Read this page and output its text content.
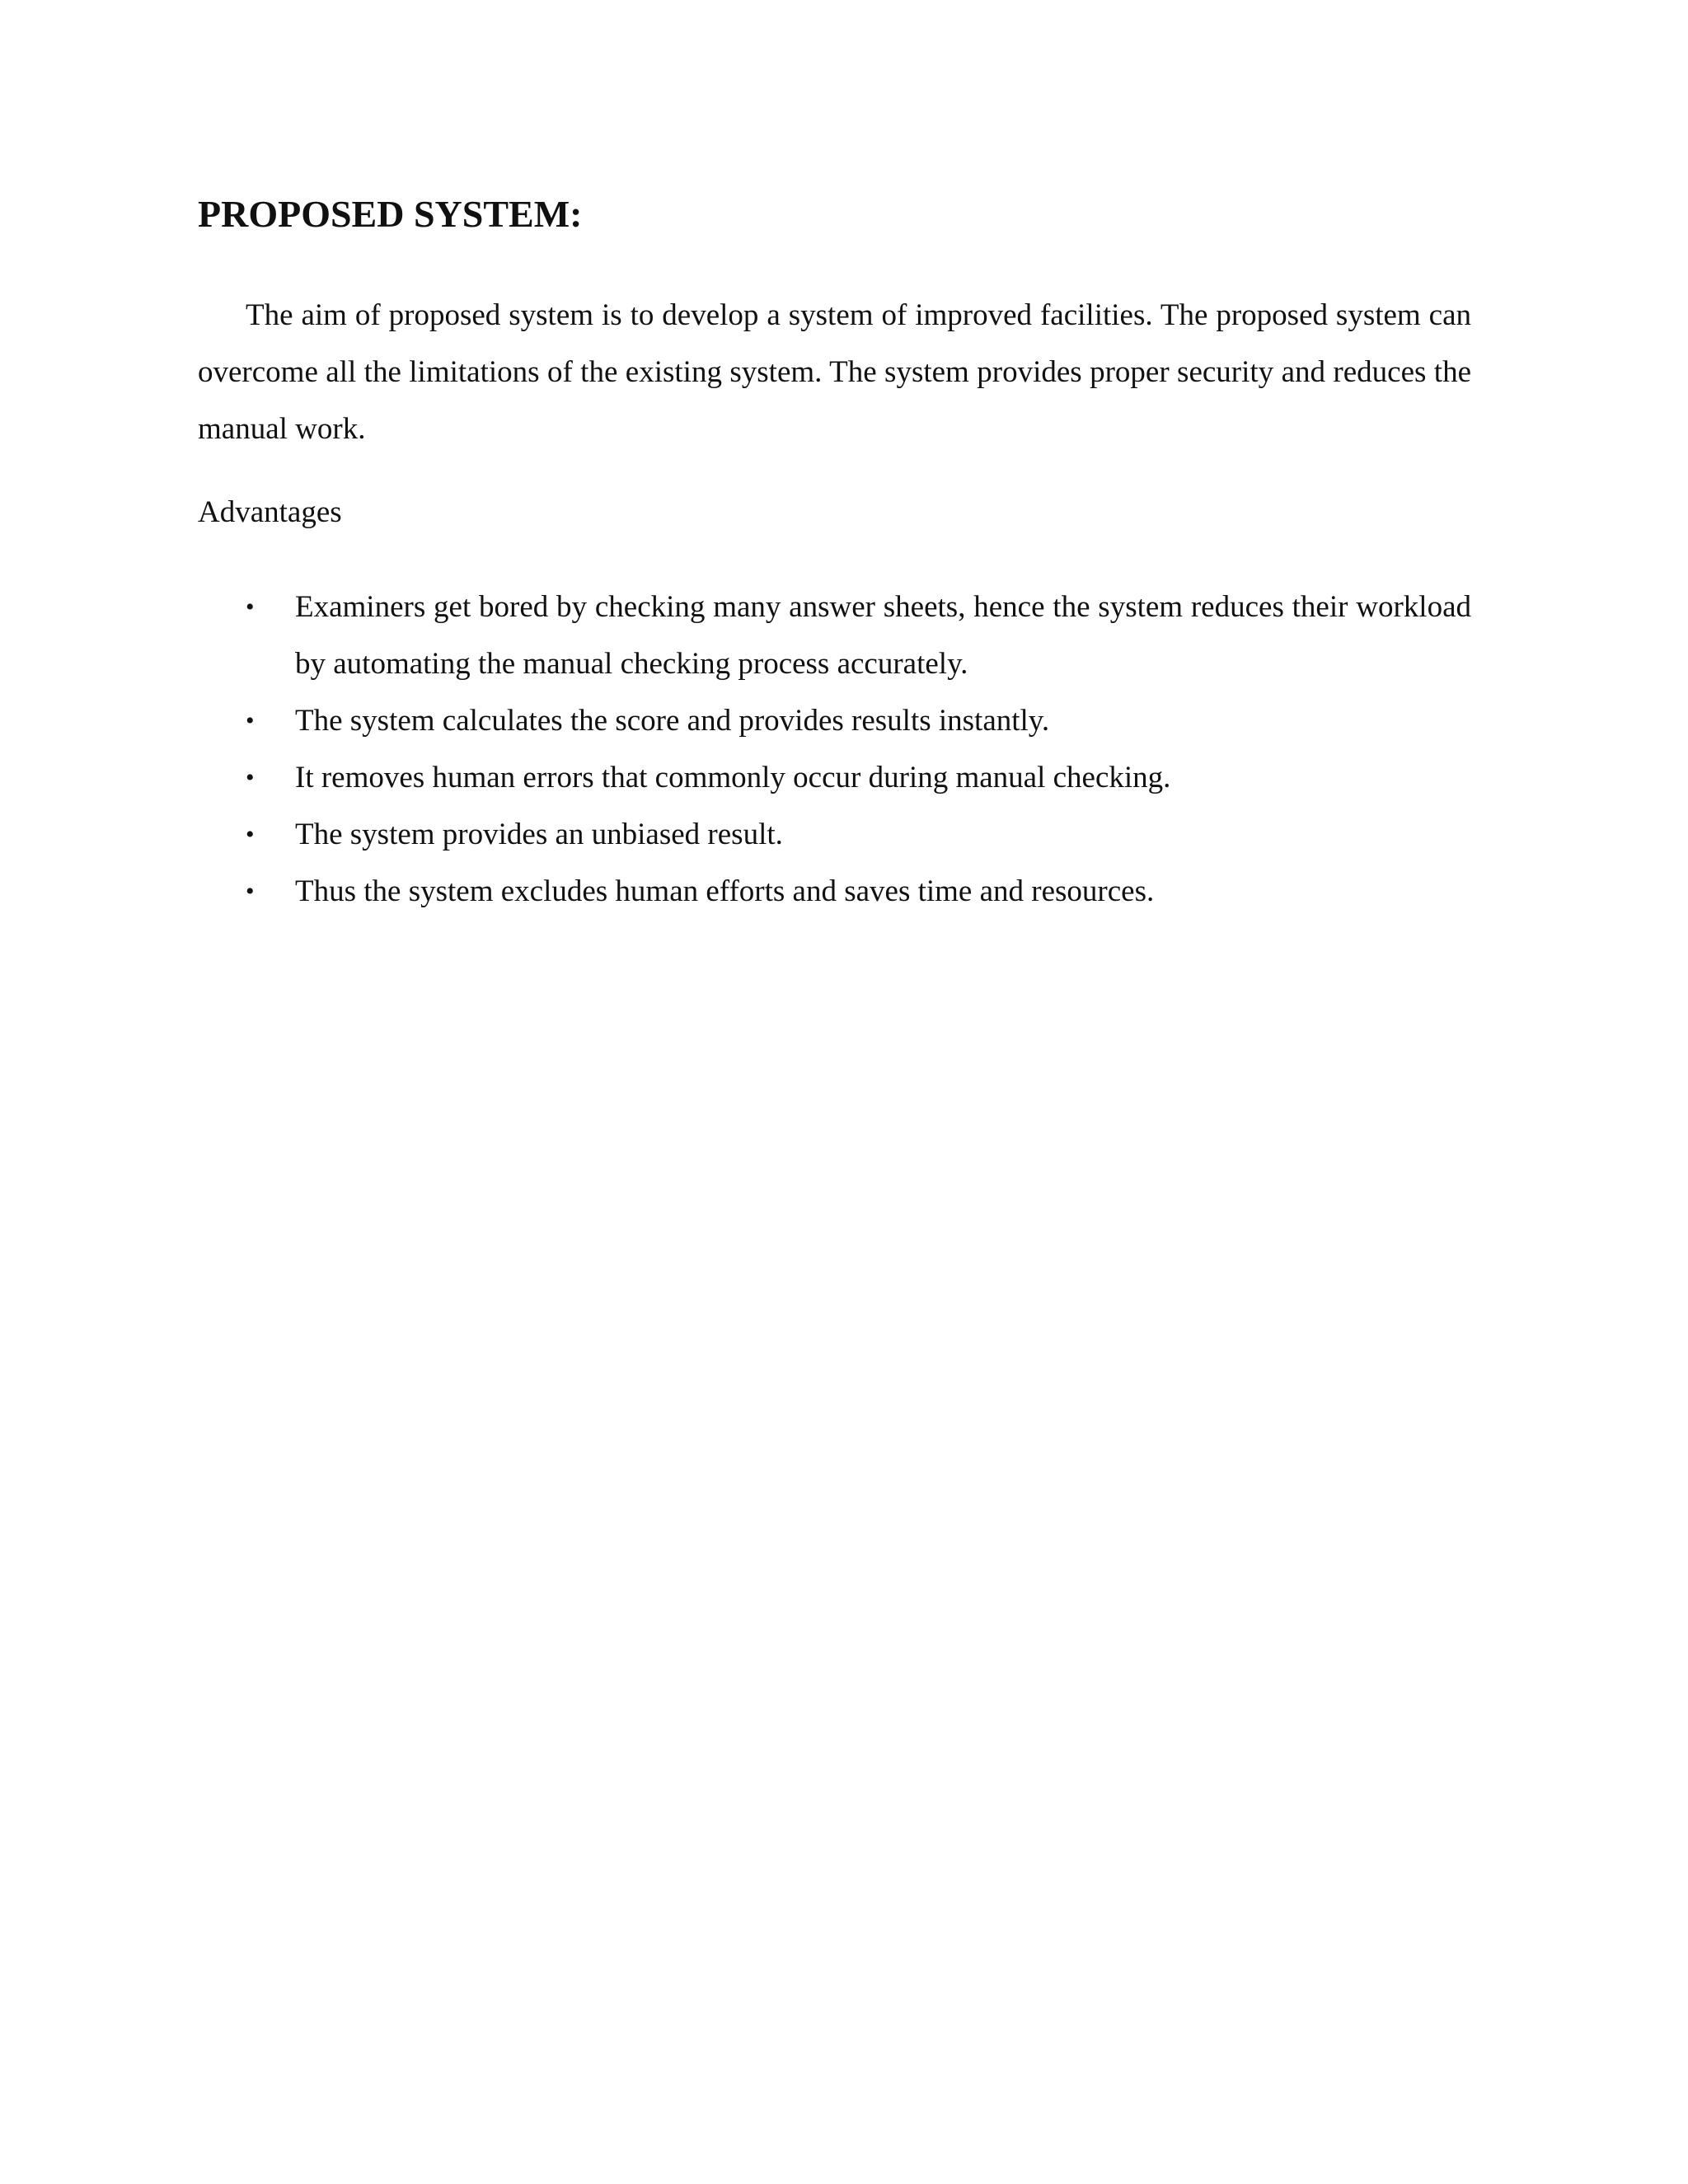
PROPOSED SYSTEM:

The aim of proposed system is to develop a system of improved facilities. The proposed system can overcome all the limitations of the existing system. The system provides proper security and reduces the manual work.

Advantages

• Examiners get bored by checking many answer sheets, hence the system reduces their workload by automating the manual checking process accurately.
• The system calculates the score and provides results instantly.
• It removes human errors that commonly occur during manual checking.
• The system provides an unbiased result.
• Thus the system excludes human efforts and saves time and resources.
